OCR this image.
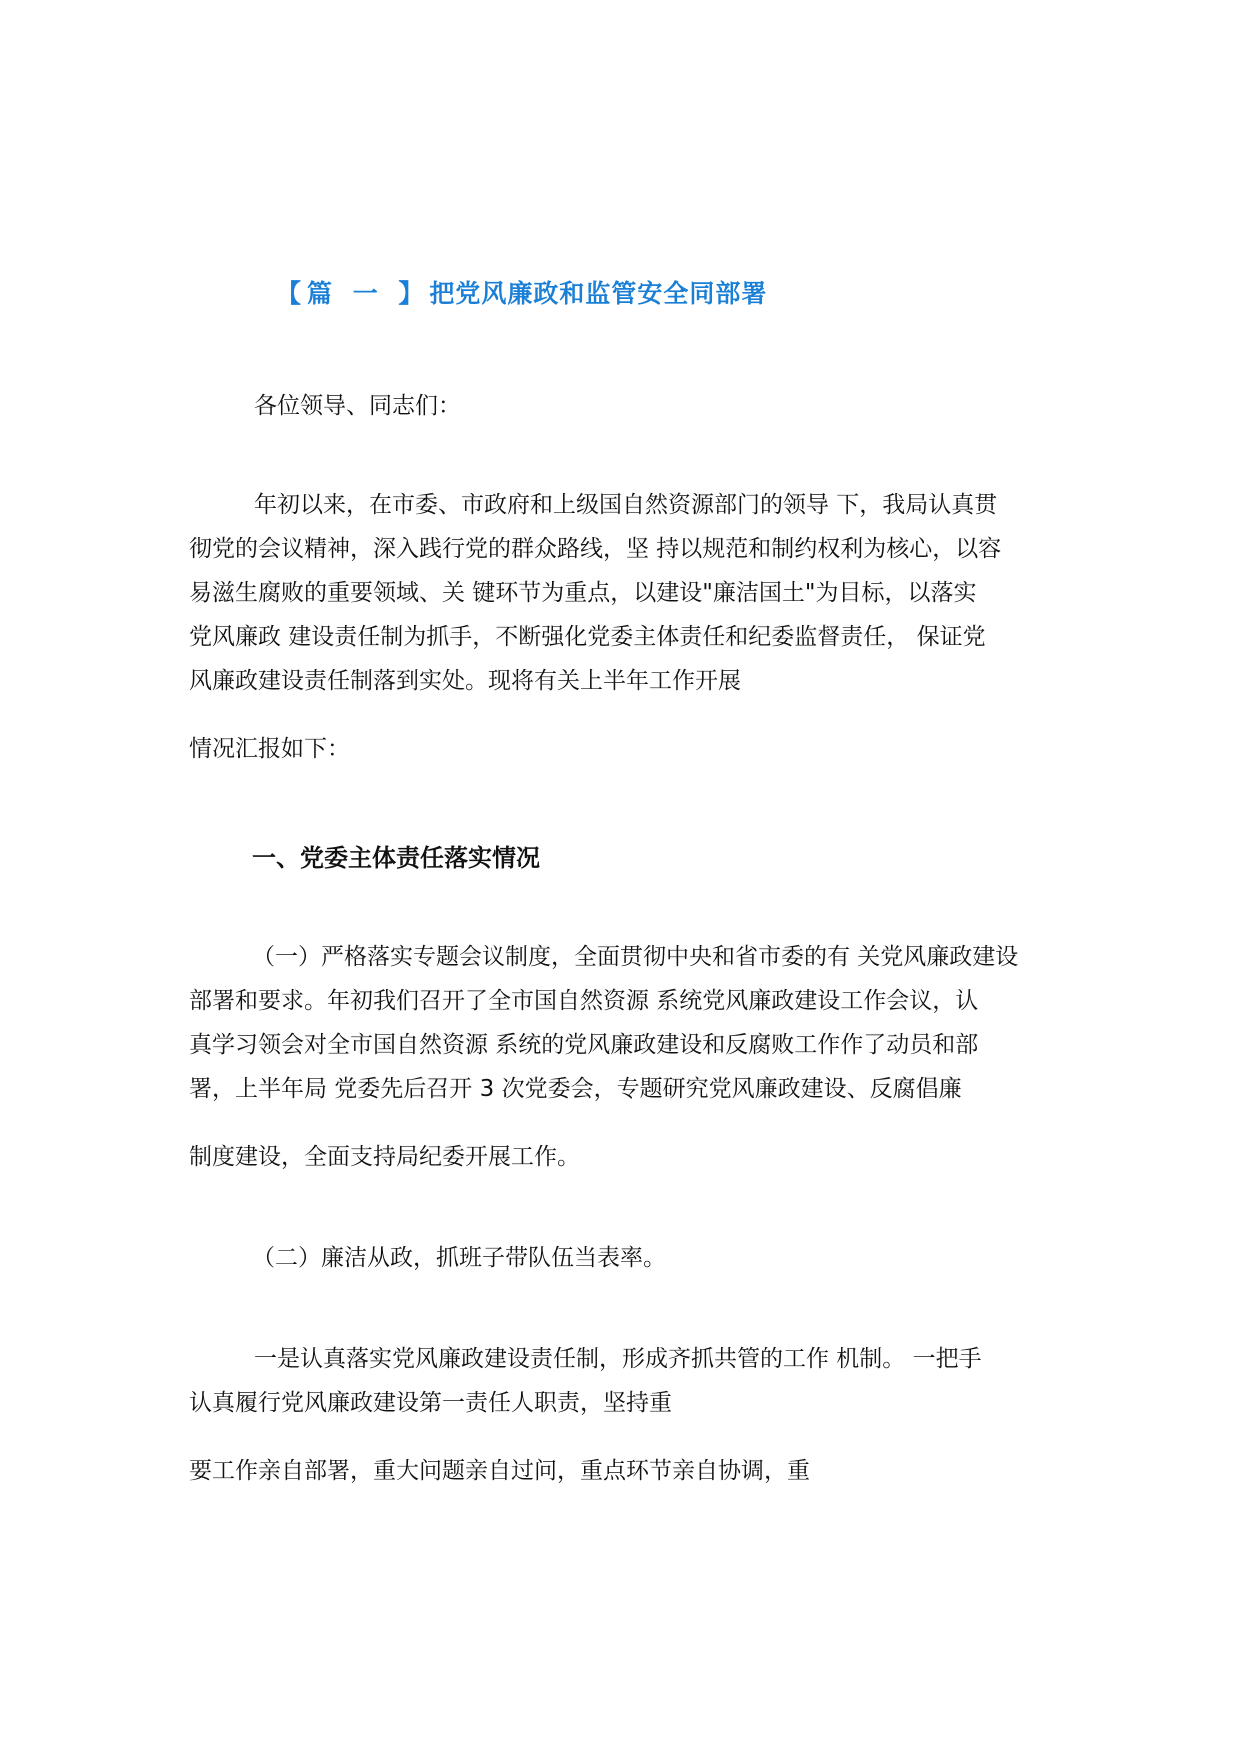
【篇 一 】把党风廉政和监管安全同部署
各位领导、同志们：
年初以来，在市委、市政府和上级国自然资源部门的领导 下，我局认真贯
彻党的会议精神，深入践行党的群众路线，坚 持以规范和制约权利为核心，以容
易滋生腐败的重要领域、关 键环节为重点，以建设"廉洁国土"为目标，以落实
党风廉政 建设责任制为抓手，不断强化党委主体责任和纪委监督责任， 保证党
风廉政建设责任制落到实处。现将有关上半年工作开展
情况汇报如下：
一、党委主体责任落实情况
（一）严格落实专题会议制度，全面贯彻中央和省市委的有 关党风廉政建设
部署和要求。年初我们召开了全市国自然资源 系统党风廉政建设工作会议，认
真学习领会对全市国自然资源 系统的党风廉政建设和反腐败工作作了动员和部
署，上半年局 党委先后召开 3 次党委会，专题研究党风廉政建设、反腐倡廉
制度建设，全面支持局纪委开展工作。
（二）廉洁从政，抓班子带队伍当表率。
一是认真落实党风廉政建设责任制，形成齐抓共管的工作 机制。 一把手
认真履行党风廉政建设第一责任人职责，坚持重
要工作亲自部署，重大问题亲自过问，重点环节亲自协调，重
